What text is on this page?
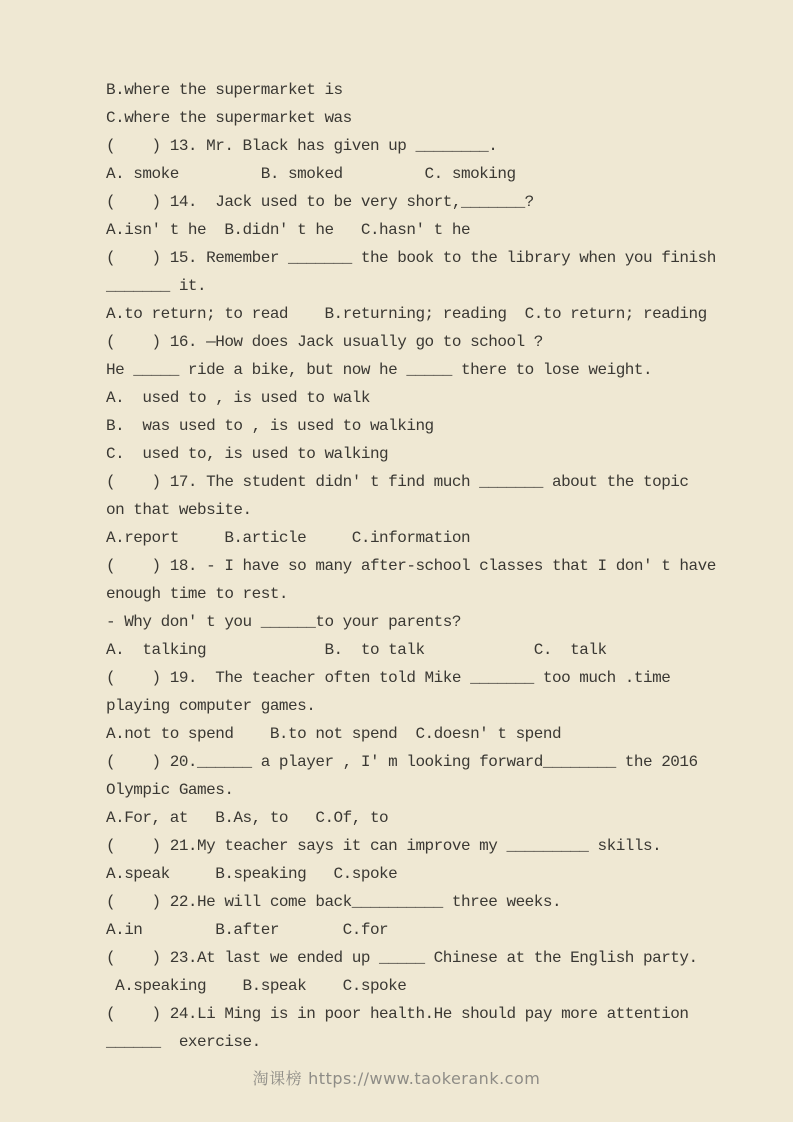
B.where the supermarket is
C.where the supermarket was
(    ) 13. Mr. Black has given up ________.
A. smoke         B. smoked         C. smoking
(    ) 14.  Jack used to be very short,_______?
A.isn' t he  B.didn' t he   C.hasn' t he
(    ) 15. Remember _______ the book to the library when you finish
_______ it.
A.to return; to read    B.returning; reading  C.to return; reading
(    ) 16. —How does Jack usually go to school ?
He _____ ride a bike, but now he _____ there to lose weight.
A.  used to , is used to walk
B.  was used to , is used to walking
C.  used to, is used to walking
(    ) 17. The student didn' t find much _______ about the topic
on that website.
A.report     B.article     C.information
(    ) 18. - I have so many after-school classes that I don' t have
enough time to rest.
- Why don' t you ______to your parents?
A.  talking             B.  to talk            C.  talk
(    ) 19.  The teacher often told Mike _______ too much .time
playing computer games.
A.not to spend    B.to not spend  C.doesn' t spend
(    ) 20.______ a player , I' m looking forward________ the 2016
Olympic Games.
A.For, at   B.As, to   C.Of, to
(    ) 21.My teacher says it can improve my _________ skills.
A.speak     B.speaking   C.spoke
(    ) 22.He will come back__________ three weeks.
A.in        B.after       C.for
(    ) 23.At last we ended up _____ Chinese at the English party.
A.speaking    B.speak    C.spoke
(    ) 24.Li Ming is in poor health.He should pay more attention
______  exercise.
淘课榜 https://www.taokerank.com
